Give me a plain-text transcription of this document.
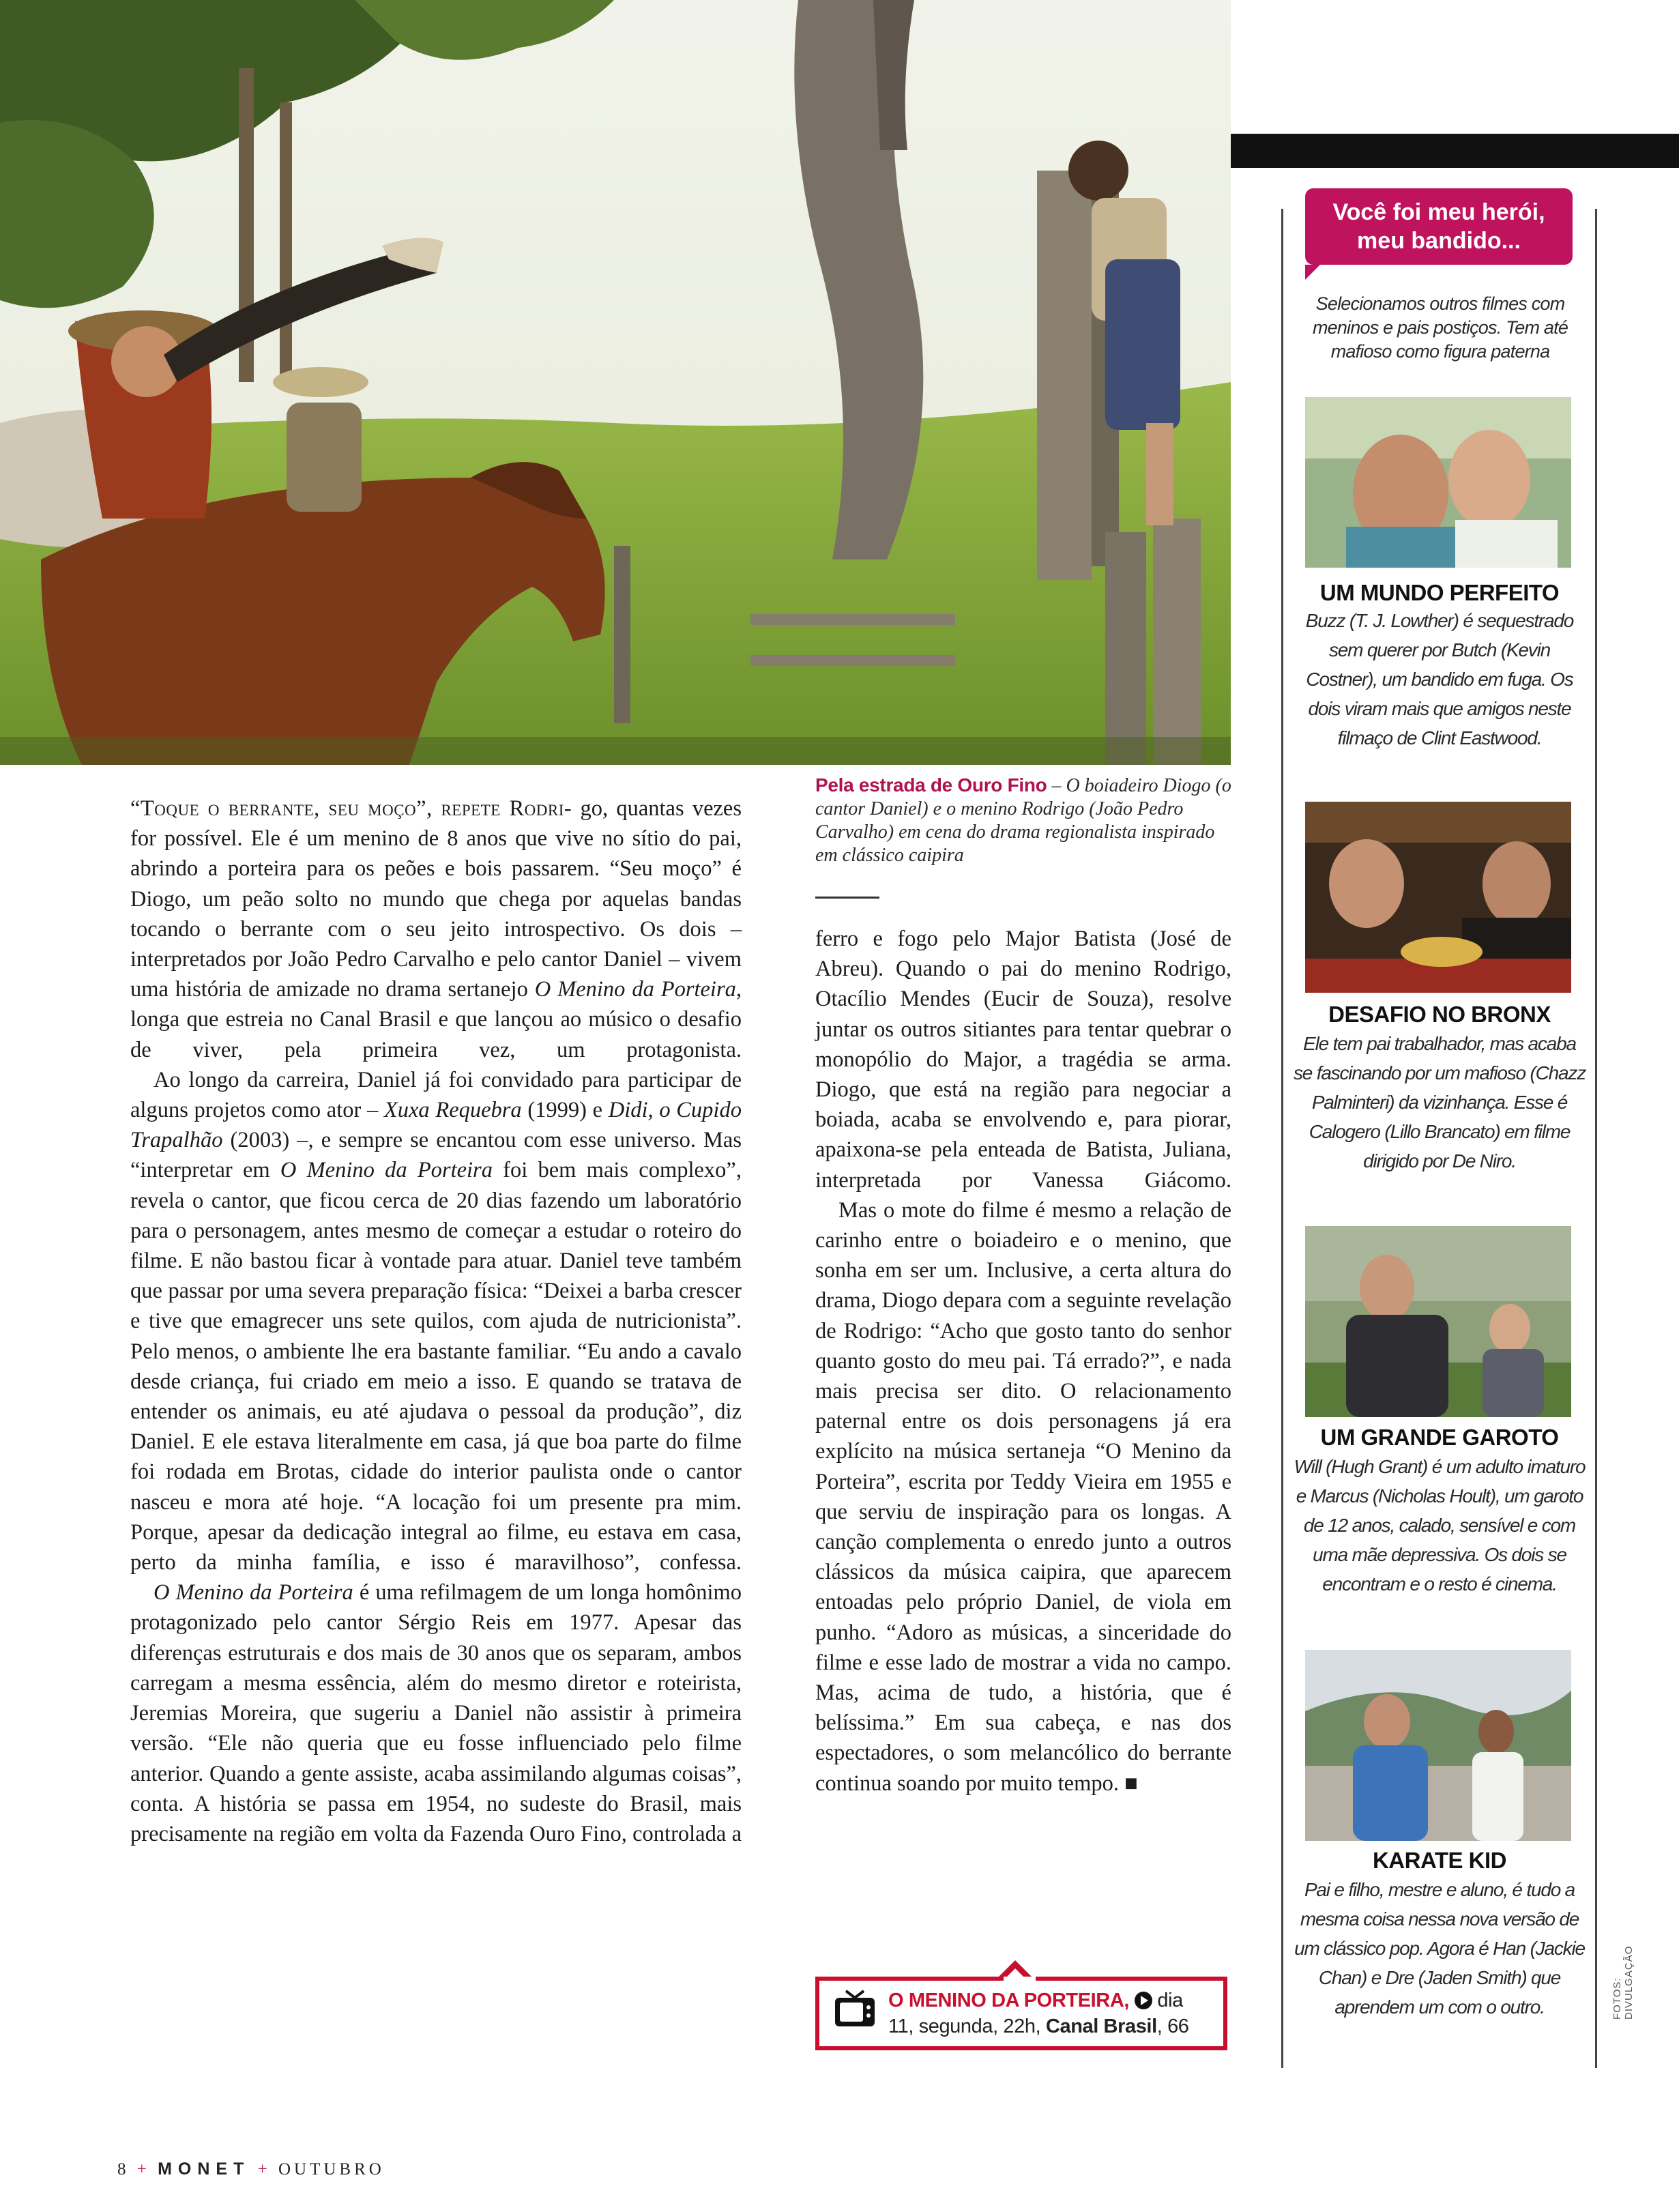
Pela estrada de Ouro Fino – O boiadeiro Diogo (o cantor Daniel) e o menino Rodrigo (João Pedro Carvalho) em cena do drama regionalista inspirado em clássico caipira

“Toque o berrante, seu moço”, repete Rodri- go, quantas vezes for possível. Ele é um menino de 8 anos que vive no sítio do pai, abrindo a porteira para os peões e bois passarem. “Seu moço” é Diogo, um peão solto no mundo que chega por aquelas bandas tocando o berrante com o seu jeito introspectivo. Os dois – interpretados por João Pedro Carvalho e pelo cantor Daniel – vivem uma história de amizade no drama sertanejo O Menino da Porteira, longa que estreia no Canal Brasil e que lançou ao músico o desafio de viver, pela primeira vez, um protagonista.

Ao longo da carreira, Daniel já foi convidado para participar de alguns projetos como ator – Xuxa Requebra (1999) e Didi, o Cupido Trapalhão (2003) –, e sempre se encantou com esse universo. Mas “interpretar em O Menino da Porteira foi bem mais complexo”, revela o cantor, que ficou cerca de 20 dias fazendo um laboratório para o personagem, antes mesmo de começar a estudar o roteiro do filme. E não bastou ficar à vontade para atuar. Daniel teve também que passar por uma severa preparação física: “Deixei a barba crescer e tive que emagrecer uns sete quilos, com ajuda de nutricionista”. Pelo menos, o ambiente lhe era bastante familiar. “Eu ando a cavalo desde criança, fui criado em meio a isso. E quando se tratava de entender os animais, eu até ajudava o pessoal da produção”, diz Daniel. E ele estava literalmente em casa, já que boa parte do filme foi rodada em Brotas, cidade do interior paulista onde o cantor nasceu e mora até hoje. “A locação foi um presente pra mim. Porque, apesar da dedicação integral ao filme, eu estava em casa, perto da minha família, e isso é maravilhoso”, confessa.

O Menino da Porteira é uma refilmagem de um longa homônimo protagonizado pelo cantor Sérgio Reis em 1977. Apesar das diferenças estruturais e dos mais de 30 anos que os separam, ambos carregam a mesma essência, além do mesmo diretor e roteirista, Jeremias Moreira, que sugeriu a Daniel não assistir à primeira versão. “Ele não queria que eu fosse influenciado pelo filme anterior. Quando a gente assiste, acaba assimilando algumas coisas”, conta. A história se passa em 1954, no sudeste do Brasil, mais precisamente na região em volta da Fazenda Ouro Fino, controlada a

ferro e fogo pelo Major Batista (José de Abreu). Quando o pai do menino Rodrigo, Otacílio Mendes (Eucir de Souza), resolve juntar os outros sitiantes para tentar quebrar o monopólio do Major, a tragédia se arma. Diogo, que está na região para negociar a boiada, acaba se envolvendo e, para piorar, apaixona-se pela enteada de Batista, Juliana, interpretada por Vanessa Giácomo.

Mas o mote do filme é mesmo a relação de carinho entre o boiadeiro e o menino, que sonha em ser um. Inclusive, a certa altura do drama, Diogo depara com a seguinte revelação de Rodrigo: “Acho que gosto tanto do senhor quanto gosto do meu pai. Tá errado?”, e nada mais precisa ser dito. O relacionamento paternal entre os dois personagens já era explícito na música sertaneja “O Menino da Porteira”, escrita por Teddy Vieira em 1955 e que serviu de inspiração para os longas. A canção complementa o enredo junto a outros clássicos da música caipira, que aparecem entoadas pelo próprio Daniel, de viola em punho. “Adoro as músicas, a sinceridade do filme e esse lado de mostrar a vida no campo. Mas, acima de tudo, a história, que é belíssima.” Em sua cabeça, e nas dos espectadores, o som melancólico do berrante continua soando por muito tempo. ■

O MENINO DA PORTEIRA, dia
11, segunda, 22h, Canal Brasil, 66
Você foi meu herói,
meu bandido...
Selecionamos outros filmes com meninos e pais postiços. Tem até mafioso como figura paterna
UM MUNDO PERFEITO
Buzz (T. J. Lowther) é sequestrado sem querer por Butch (Kevin Costner), um bandido em fuga. Os dois viram mais que amigos neste filmaço de Clint Eastwood.
DESAFIO NO BRONX
Ele tem pai trabalhador, mas acaba se fascinando por um mafioso (Chazz Palminteri) da vizinhança. Esse é Calogero (Lillo Brancato) em filme dirigido por De Niro.
UM GRANDE GAROTO
Will (Hugh Grant) é um adulto imaturo e Marcus (Nicholas Hoult), um garoto de 12 anos, calado, sensível e com uma mãe depressiva. Os dois se encontram e o resto é cinema.
KARATE KID
Pai e filho, mestre e aluno, é tudo a mesma coisa nessa nova versão de um clássico pop. Agora é Han (Jackie Chan) e Dre (Jaden Smith) que aprendem um com o outro.	FOTOS: DIVULGAÇÃO
8 + MONET + OUTUBRO
